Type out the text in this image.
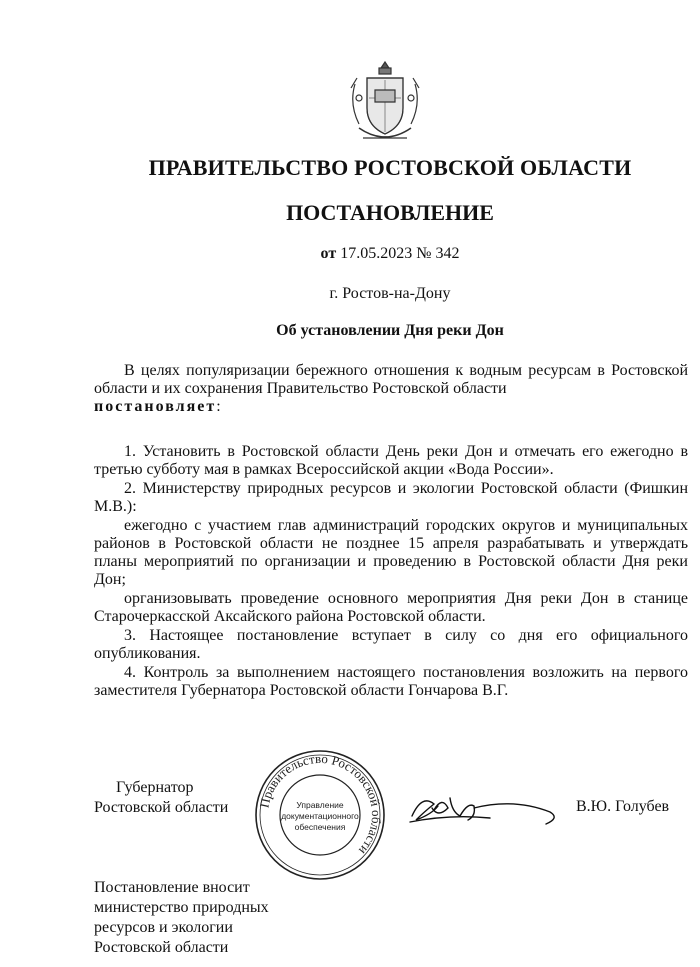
ПРАВИТЕЛЬСТВО РОСТОВСКОЙ ОБЛАСТИ
ПОСТАНОВЛЕНИЕ
от 17.05.2023 № 342
г. Ростов-на-Дону
Об установлении Дня реки Дон

В целях популяризации бережного отношения к водным ресурсам в Ростовской области и их сохранения Правительство Ростовской области

постановляет:

1. Установить в Ростовской области День реки Дон и отмечать его ежегодно в третью субботу мая в рамках Всероссийской акции «Вода России».

2. Министерству природных ресурсов и экологии Ростовской области (Фишкин М.В.):

ежегодно с участием глав администраций городских округов и муниципальных районов в Ростовской области не позднее 15 апреля разрабатывать и утверждать планы мероприятий по организации и проведению в Ростовской области Дня реки Дон;

организовывать проведение основного мероприятия Дня реки Дон в станице Старочеркасской Аксайского района Ростовской области.

3. Настоящее постановление вступает в силу со дня его официального опубликования.

4. Контроль за выполнением настоящего постановления возложить на первого заместителя Губернатора Ростовской области Гончарова В.Г.

Губернатор
Ростовской области Правительство Ростовской области
Управление
документационного
обеспечения
В.Ю. Голубев
Постановление вносит
министерство природных
ресурсов и экологии
Ростовской области
